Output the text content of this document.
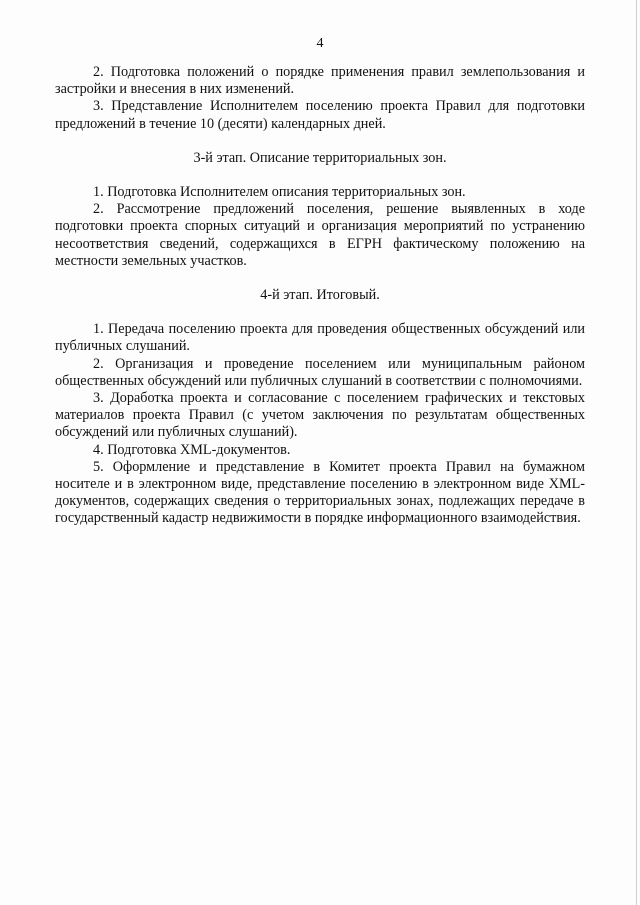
4

2. Подготовка положений о порядке применения правил землепользования и застройки и внесения в них изменений.

3. Представление Исполнителем поселению проекта Правил для подготовки предложений в течение 10 (десяти) календарных дней.

3-й этап. Описание территориальных зон.

1. Подготовка Исполнителем описания территориальных зон.

2. Рассмотрение предложений поселения, решение выявленных в ходе подготовки проекта спорных ситуаций и организация мероприятий по устранению несоответствия сведений, содержащихся в ЕГРН фактическому положению на местности земельных участков.

4-й этап. Итоговый.

1. Передача поселению проекта для проведения общественных обсуждений или публичных слушаний.

2. Организация и проведение поселением или муниципальным районом общественных обсуждений или публичных слушаний в соответствии с полномочиями.

3. Доработка проекта и согласование с поселением графических и текстовых материалов проекта Правил (с учетом заключения по результатам общественных обсуждений или публичных слушаний).

4. Подготовка XML-документов.

5. Оформление и представление в Комитет проекта Правил на бумажном носителе и в электронном виде, представление поселению в электронном виде XML-документов, содержащих сведения о территориальных зонах, подлежащих передаче в государственный кадастр недвижимости в порядке информационного взаимодействия.
